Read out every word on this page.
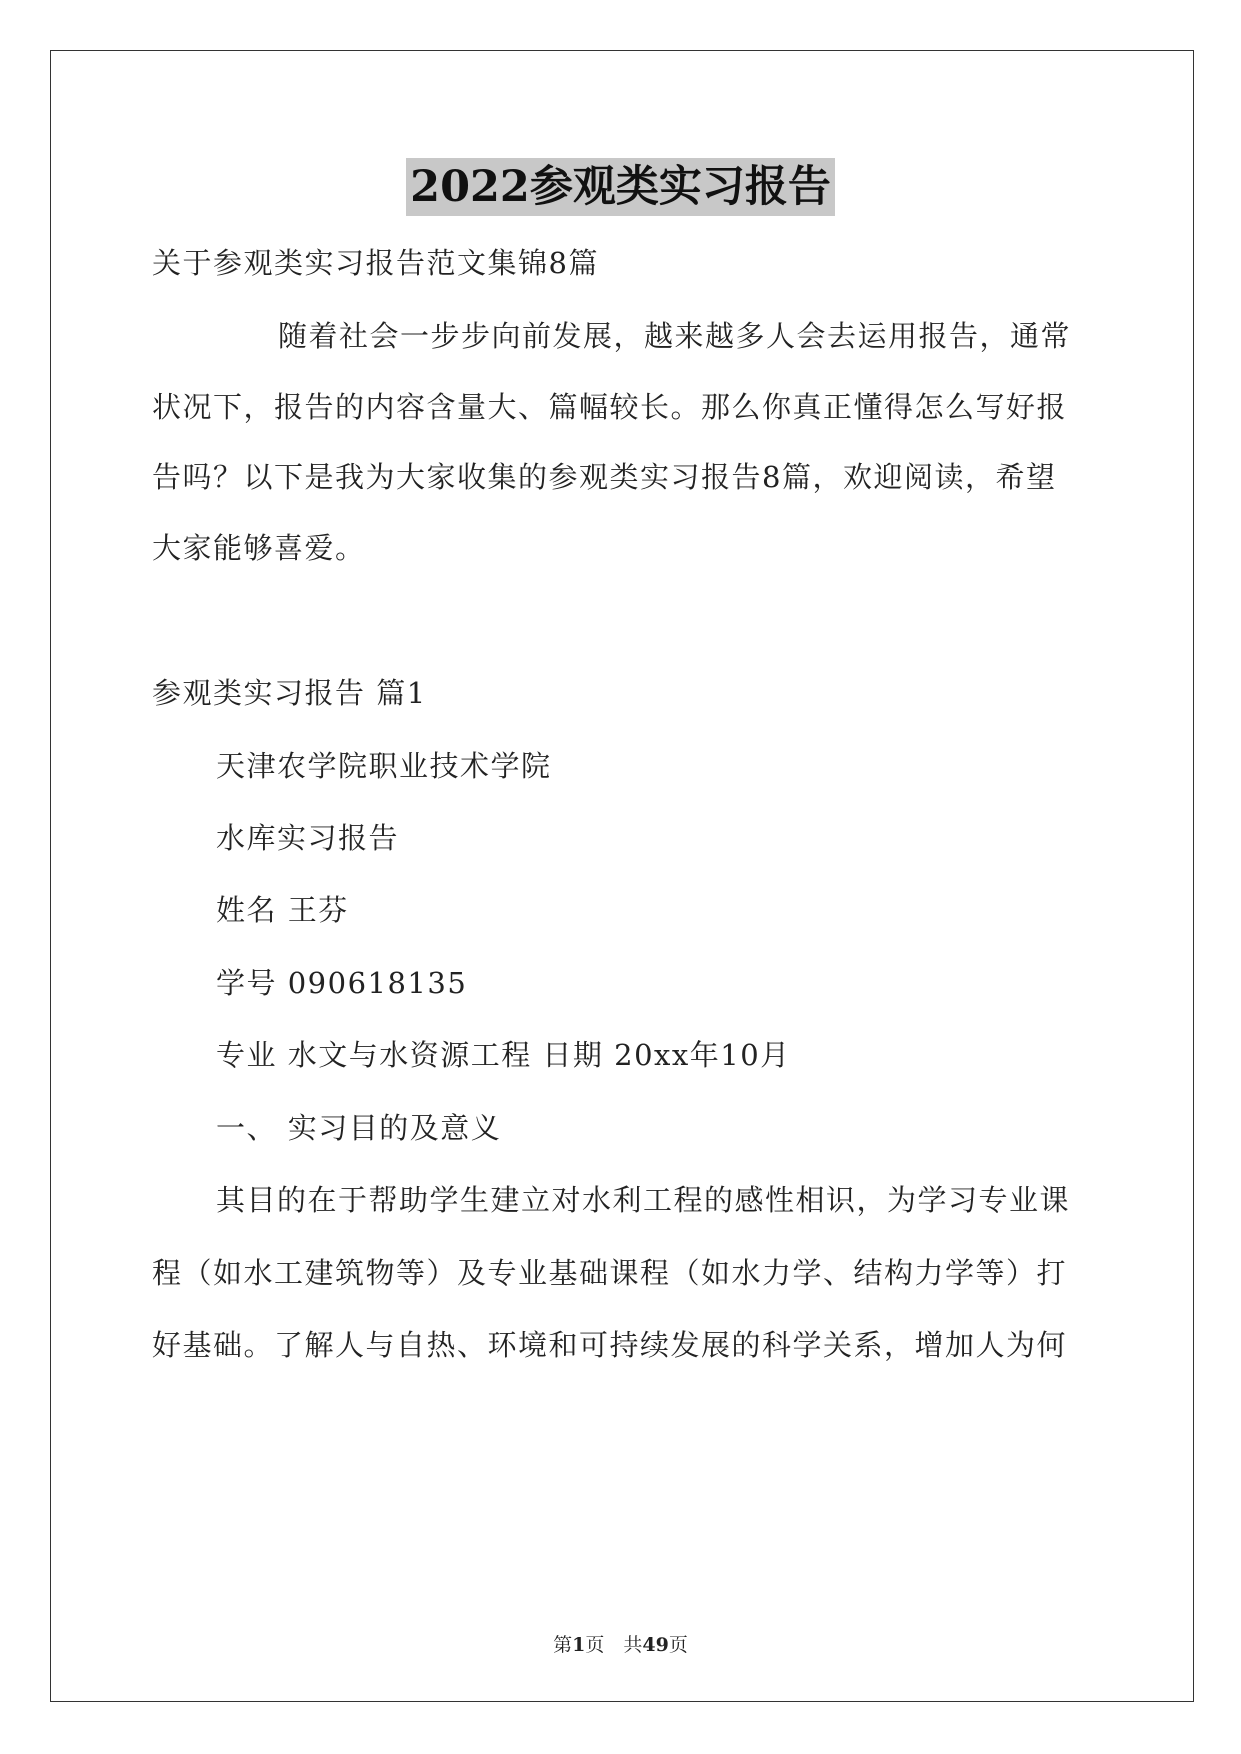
2022参观类实习报告
关于参观类实习报告范文集锦8篇
随着社会一步步向前发展，越来越多人会去运用报告，通常
状况下，报告的内容含量大、篇幅较长。那么你真正懂得怎么写好报
告吗？以下是我为大家收集的参观类实习报告8篇，欢迎阅读，希望
大家能够喜爱。
参观类实习报告 篇1
天津农学院职业技术学院
水库实习报告
姓名 王芬
学号 090618135
专业 水文与水资源工程 日期 20xx年10月
一、 实习目的及意义
其目的在于帮助学生建立对水利工程的感性相识，为学习专业课
程（如水工建筑物等）及专业基础课程（如水力学、结构力学等）打
好基础。了解人与自热、环境和可持续发展的科学关系，增加人为何
第1页　共49页
